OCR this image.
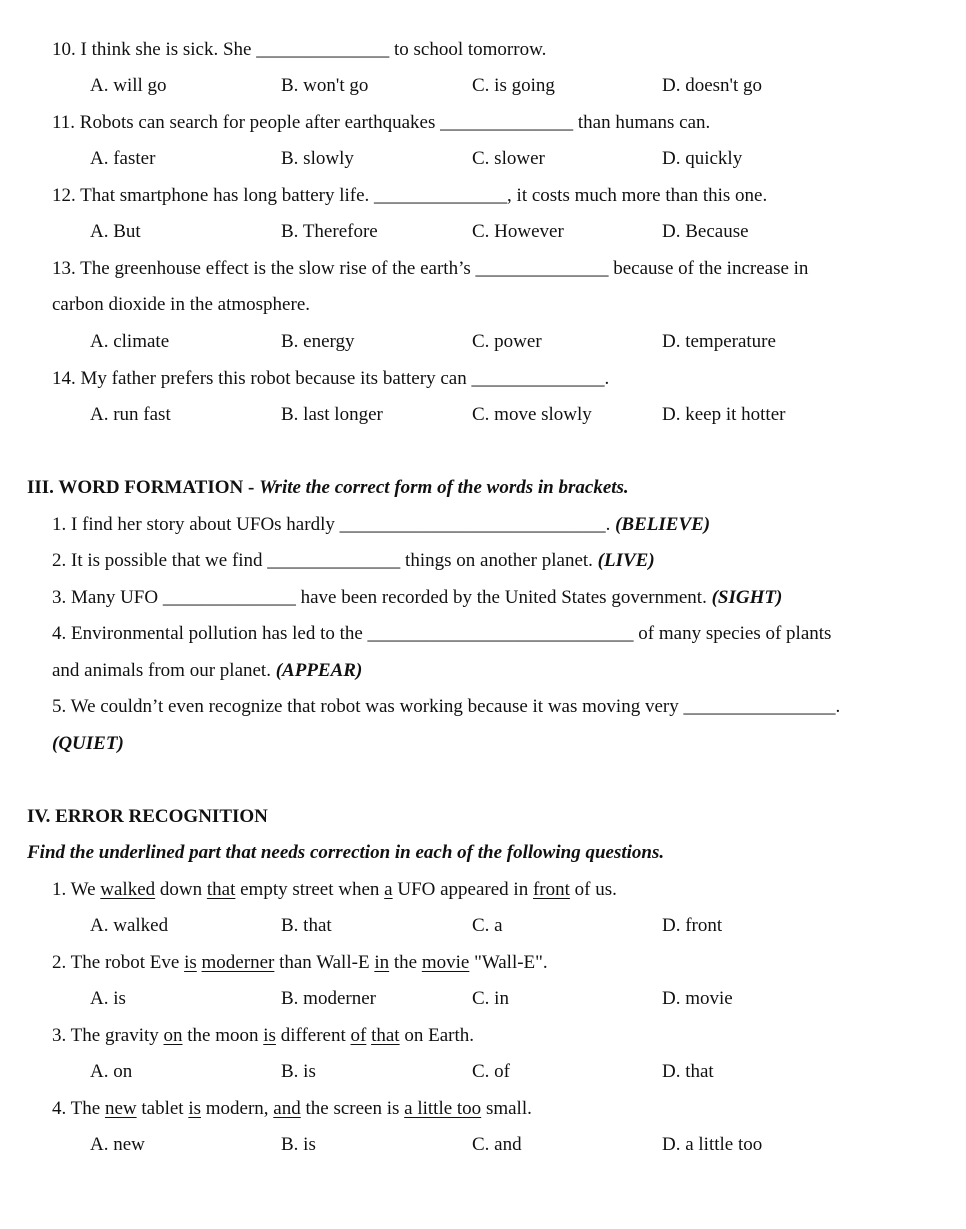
10. I think she is sick. She ______________ to school tomorrow.
A. will go	B. won't go	C. is going	D. doesn't go
11. Robots can search for people after earthquakes ______________ than humans can.
A. faster	B. slowly	C. slower	D. quickly
12. That smartphone has long battery life. ______________, it costs much more than this one.
A. But	B. Therefore	C. However	D. Because
13. The greenhouse effect is the slow rise of the earth’s ______________ because of the increase in
carbon dioxide in the atmosphere.
A. climate	B. energy	C. power	D. temperature
14. My father prefers this robot because its battery can ______________.
A. run fast	B. last longer	C. move slowly	D. keep it hotter
III. WORD FORMATION - Write the correct form of the words in brackets.
1. I find her story about UFOs hardly ____________________________. (BELIEVE)
2. It is possible that we find ______________ things on another planet. (LIVE)
3. Many UFO ______________ have been recorded by the United States government. (SIGHT)
4. Environmental pollution has led to the ____________________________ of many species of plants
and animals from our planet. (APPEAR)
5. We couldn’t even recognize that robot was working because it was moving very ________________.
(QUIET)
IV. ERROR RECOGNITION
Find the underlined part that needs correction in each of the following questions.
1. We walked down that empty street when a UFO appeared in front of us.
A. walked	B. that	C. a	D. front
2. The robot Eve is moderner than Wall-E in the movie "Wall-E".
A. is	B. moderner	C. in	D. movie
3. The gravity on the moon is different of that on Earth.
A. on	B. is	C. of	D. that
4. The new tablet is modern, and the screen is a little too small.
A. new	B. is	C. and	D. a little too
